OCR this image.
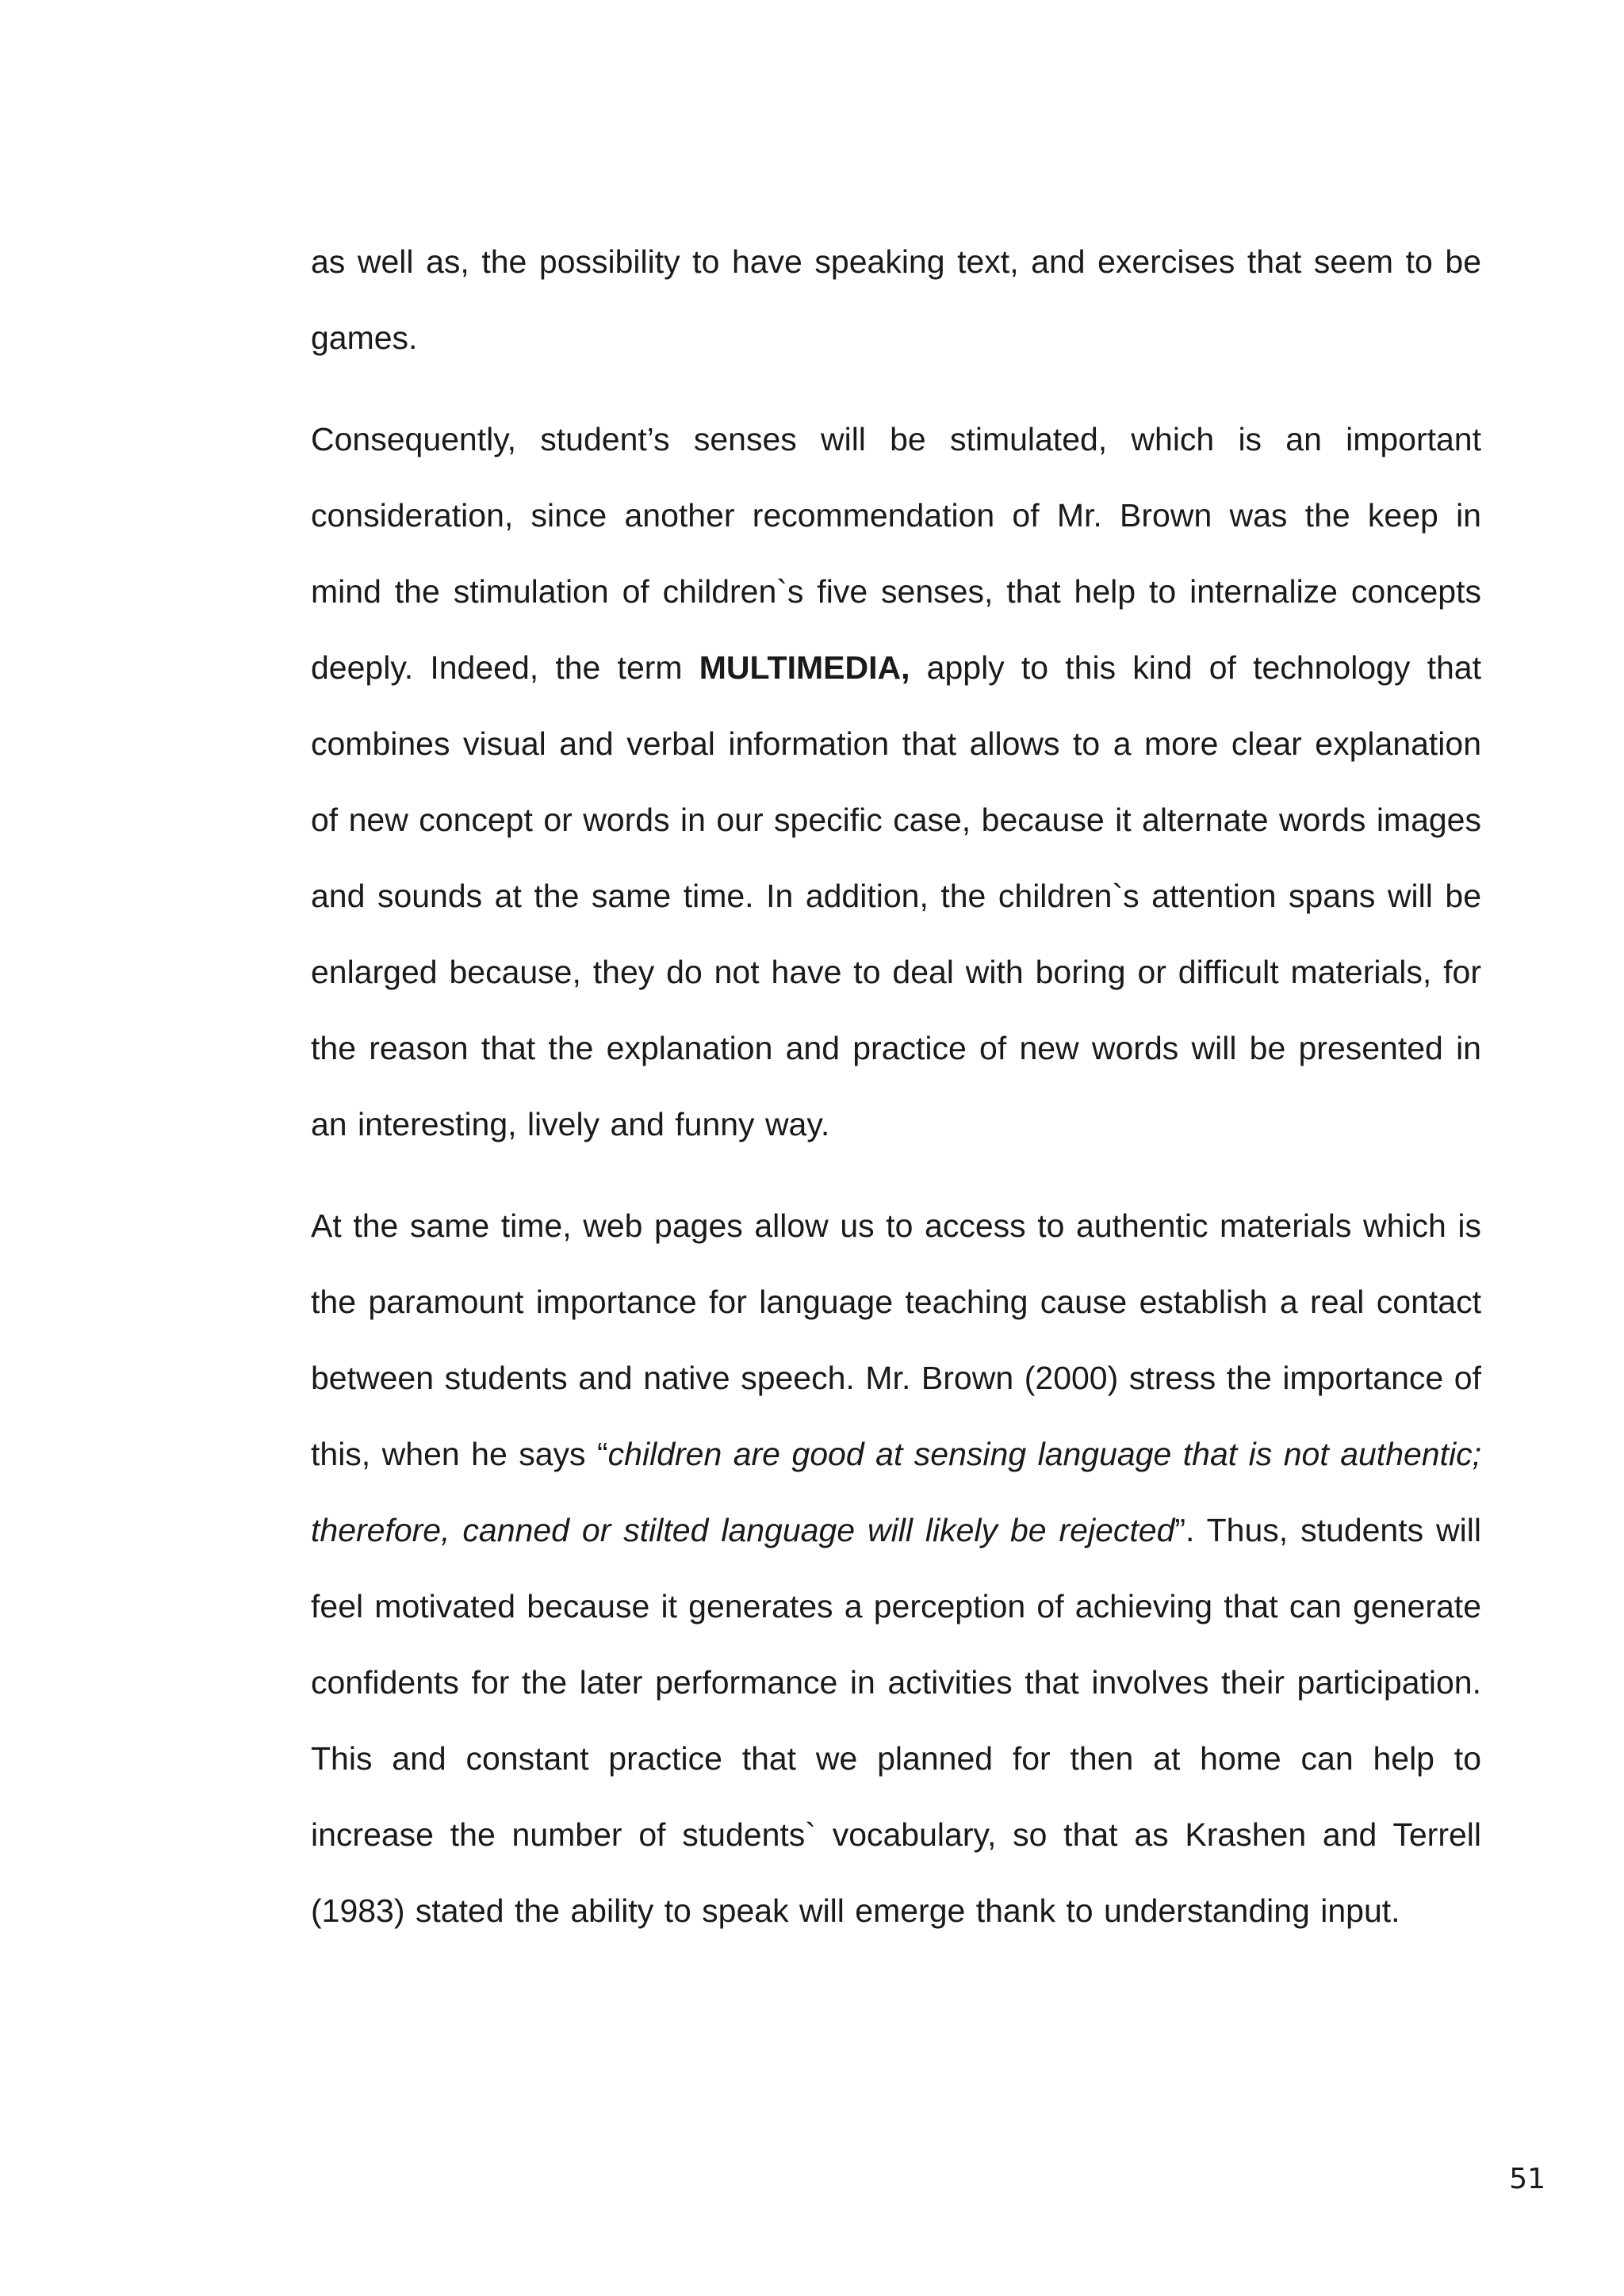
as well as, the possibility to have speaking text, and exercises that seem to be games.

Consequently, student’s senses will be stimulated, which is an important consideration, since another recommendation of Mr. Brown was the keep in mind the stimulation of children`s five senses, that help to internalize concepts deeply. Indeed, the term MULTIMEDIA, apply to this kind of technology that combines visual and verbal information that allows to a more clear explanation of new concept or words in our specific case, because it alternate words images and sounds at the same time. In addition, the children`s attention spans will be enlarged because, they do not have to deal with boring or difficult materials, for the reason that the explanation and practice of new words will be presented in an interesting, lively and funny way.

At the same time, web pages allow us to access to authentic materials which is the paramount importance for language teaching cause establish a real contact between students and native speech. Mr. Brown (2000) stress the importance of this, when he says “children are good at sensing language that is not authentic; therefore, canned or stilted language will likely be rejected”. Thus, students will feel motivated because it generates a perception of achieving that can generate confidents for the later performance in activities that involves their participation. This and constant practice that we planned for then at home can help to increase the number of students` vocabulary, so that as Krashen and Terrell (1983) stated the ability to speak will emerge thank to understanding input.

51
